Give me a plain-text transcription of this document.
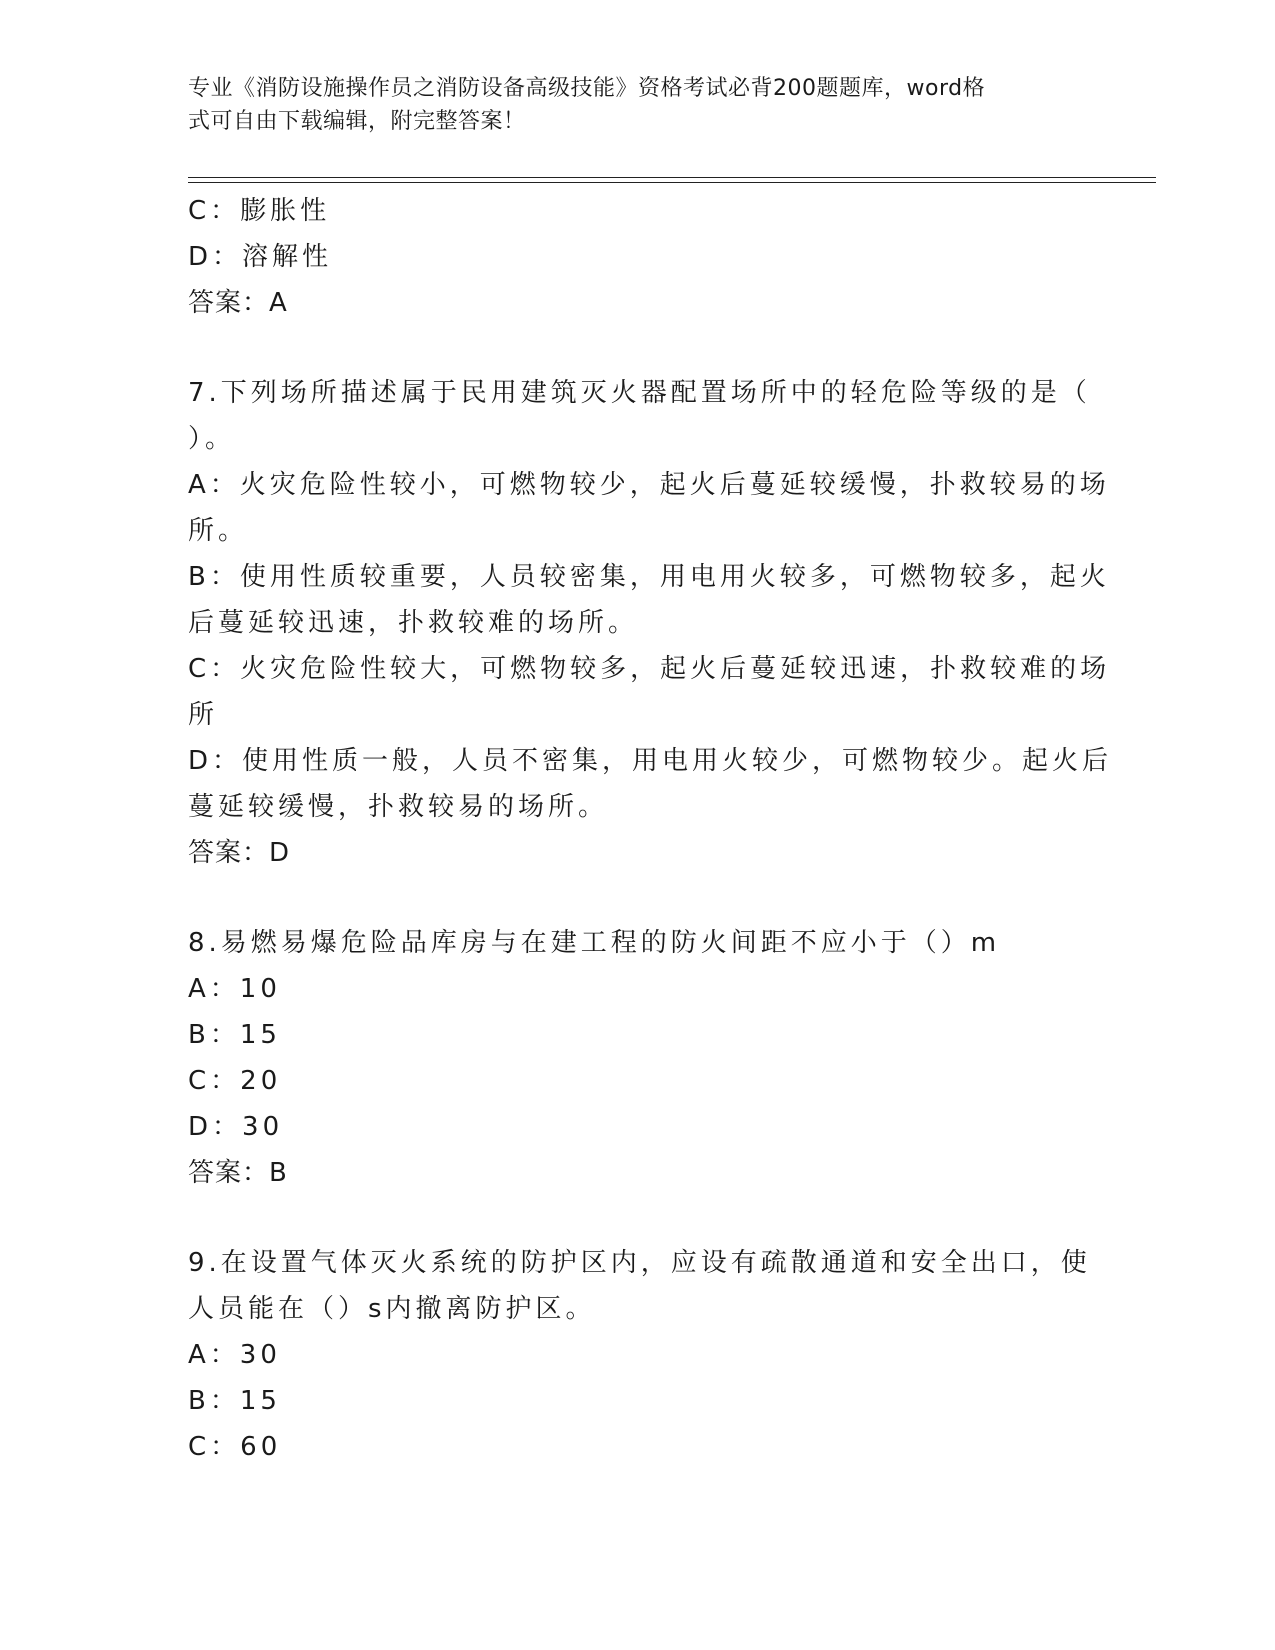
专业《消防设施操作员之消防设备高级技能》资格考试必背200题题库，word格
式可自由下载编辑，附完整答案！
C：膨胀性
D：溶解性
答案：A
7.下列场所描述属于民用建筑灭火器配置场所中的轻危险等级的是（
）。
A：火灾危险性较小，可燃物较少，起火后蔓延较缓慢，扑救较易的场
所。
B：使用性质较重要，人员较密集，用电用火较多，可燃物较多，起火
后蔓延较迅速，扑救较难的场所。
C：火灾危险性较大，可燃物较多，起火后蔓延较迅速，扑救较难的场
所
D：使用性质一般，人员不密集，用电用火较少，可燃物较少。起火后
蔓延较缓慢，扑救较易的场所。
答案：D
8.易燃易爆危险品库房与在建工程的防火间距不应小于（）m
A：10
B：15
C：20
D：30
答案：B
9.在设置气体灭火系统的防护区内，应设有疏散通道和安全出口，使
人员能在（）s内撤离防护区。
A：30
B：15
C：60
